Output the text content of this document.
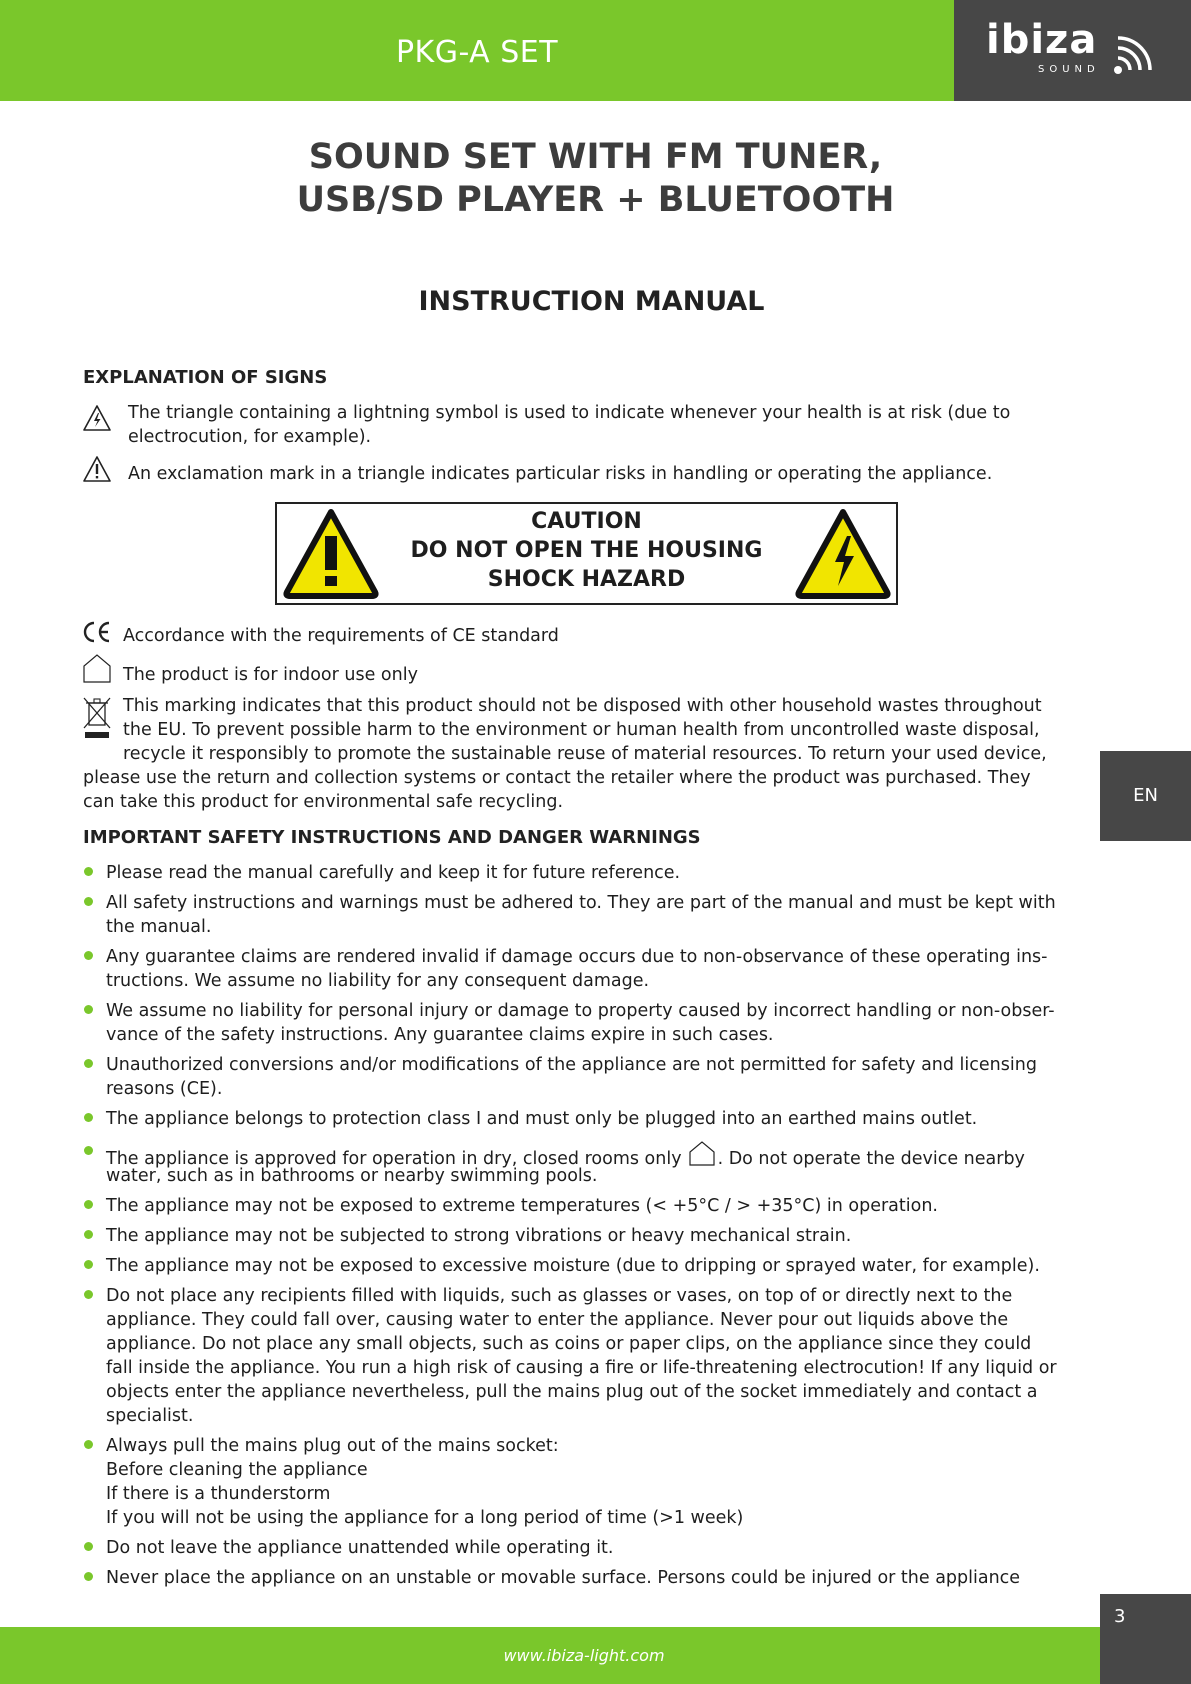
PKG-A SET	ibiza
SOUND
SOUND SET WITH FM TUNER,
USB/SD PLAYER + BLUETOOTH
INSTRUCTION MANUAL
EXPLANATION OF SIGNS
The triangle containing a lightning symbol is used to indicate whenever your health is at risk (due to
electrocution, for example).
An exclamation mark in a triangle indicates particular risks in handling or operating the appliance.
CAUTION
DO NOT OPEN THE HOUSING
SHOCK HAZARD
Accordance with the requirements of CE standard
The product is for indoor use only
This marking indicates that this product should not be disposed with other household wastes throughout
the EU. To prevent possible harm to the environment or human health from uncontrolled waste disposal,
recycle it responsibly to promote the sustainable reuse of material resources. To return your used device,
please use the return and collection systems or contact the retailer where the product was purchased. They
can take this product for environmental safe recycling.
IMPORTANT SAFETY INSTRUCTIONS AND DANGER WARNINGS
Please read the manual carefully and keep it for future reference.
All safety instructions and warnings must be adhered to. They are part of the manual and must be kept with
the manual.
Any guarantee claims are rendered invalid if damage occurs due to non-observance of these operating ins-
tructions. We assume no liability for any consequent damage.
We assume no liability for personal injury or damage to property caused by incorrect handling or non-obser-
vance of the safety instructions. Any guarantee claims expire in such cases.
Unauthorized conversions and/or modifications of the appliance are not permitted for safety and licensing
reasons (CE).
The appliance belongs to protection class I and must only be plugged into an earthed mains outlet.
The appliance is approved for operation in dry, closed rooms only . Do not operate the device nearby
water, such as in bathrooms or nearby swimming pools.
The appliance may not be exposed to extreme temperatures (< +5°C / > +35°C) in operation.
The appliance may not be subjected to strong vibrations or heavy mechanical strain.
The appliance may not be exposed to excessive moisture (due to dripping or sprayed water, for example).
Do not place any recipients filled with liquids, such as glasses or vases, on top of or directly next to the
appliance. They could fall over, causing water to enter the appliance. Never pour out liquids above the
appliance. Do not place any small objects, such as coins or paper clips, on the appliance since they could
fall inside the appliance. You run a high risk of causing a fire or life-threatening electrocution! If any liquid or
objects enter the appliance nevertheless, pull the mains plug out of the socket immediately and contact a
specialist.
Always pull the mains plug out of the mains socket:
Before cleaning the appliance
If there is a thunderstorm
If you will not be using the appliance for a long period of time (>1 week)
Do not leave the appliance unattended while operating it.
Never place the appliance on an unstable or movable surface. Persons could be injured or the appliance
EN
www.ibiza-light.com
3
